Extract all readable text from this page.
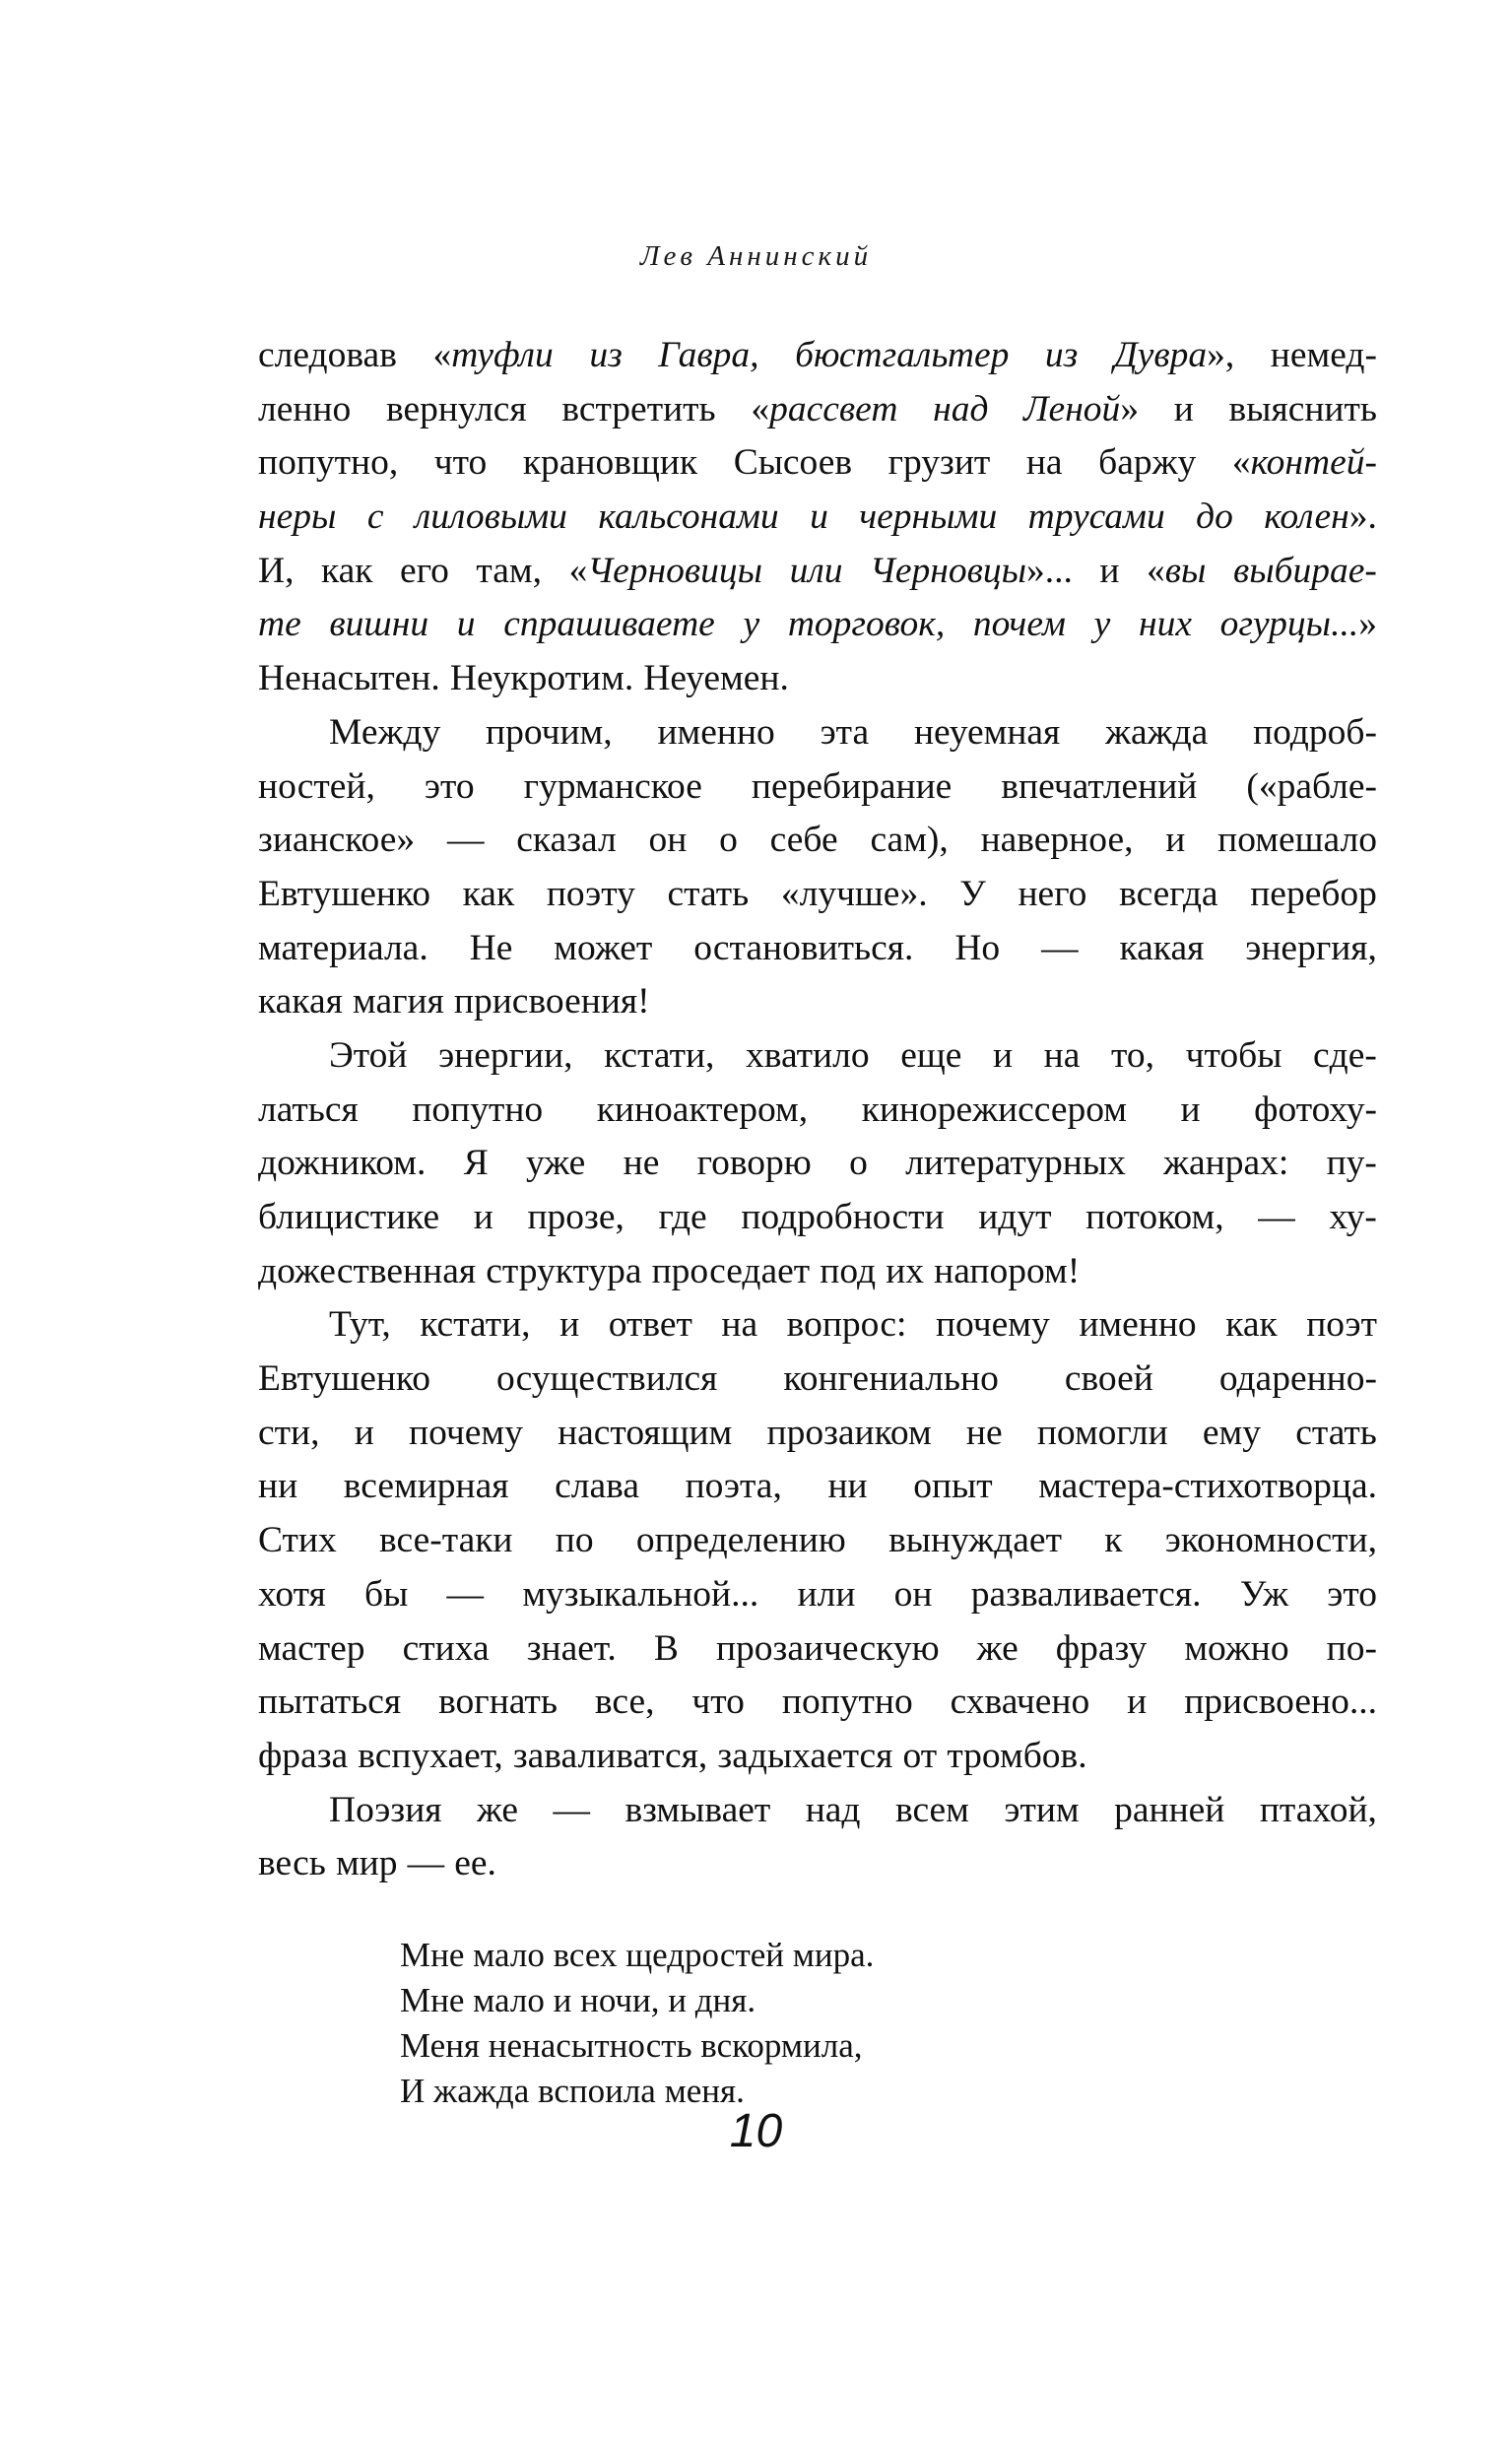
Лев Аннинский
следовав «туфли из Гавра, бюстгальтер из Дувра», немед-
ленно вернулся встретить «рассвет над Леной» и выяснить
попутно, что крановщик Сысоев грузит на баржу «контей-
неры с лиловыми кальсонами и черными трусами до колен».
И, как его там, «Черновицы или Черновцы»... и «вы выбирае-
те вишни и спрашиваете у торговок, почем у них огурцы...»
Ненасытен. Неукротим. Неуемен.
Между прочим, именно эта неуемная жажда подроб-
ностей, это гурманское перебирание впечатлений («рабле-
зианское» — сказал он о себе сам), наверное, и помешало
Евтушенко как поэту стать «лучше». У него всегда перебор
материала. Не может остановиться. Но — какая энергия,
какая магия присвоения!
Этой энергии, кстати, хватило еще и на то, чтобы сде-
латься попутно киноактером, кинорежиссером и фотоху-
дожником. Я уже не говорю о литературных жанрах: пу-
блицистике и прозе, где подробности идут потоком, — ху-
дожественная структура проседает под их напором!
Тут, кстати, и ответ на вопрос: почему именно как поэт
Евтушенко осуществился конгениально своей одаренно-
сти, и почему настоящим прозаиком не помогли ему стать
ни всемирная слава поэта, ни опыт мастера-стихотворца.
Стих все-таки по определению вынуждает к экономности,
хотя бы — музыкальной... или он разваливается. Уж это
мастер стиха знает. В прозаическую же фразу можно по-
пытаться вогнать все, что попутно схвачено и присвоено...
фраза вспухает, заваливатся, задыхается от тромбов.
Поэзия же — взмывает над всем этим ранней птахой,
весь мир — ее.
Мне мало всех щедростей мира.
Мне мало и ночи, и дня.
Меня ненасытность вскормила,
И жажда вспоила меня.
10
